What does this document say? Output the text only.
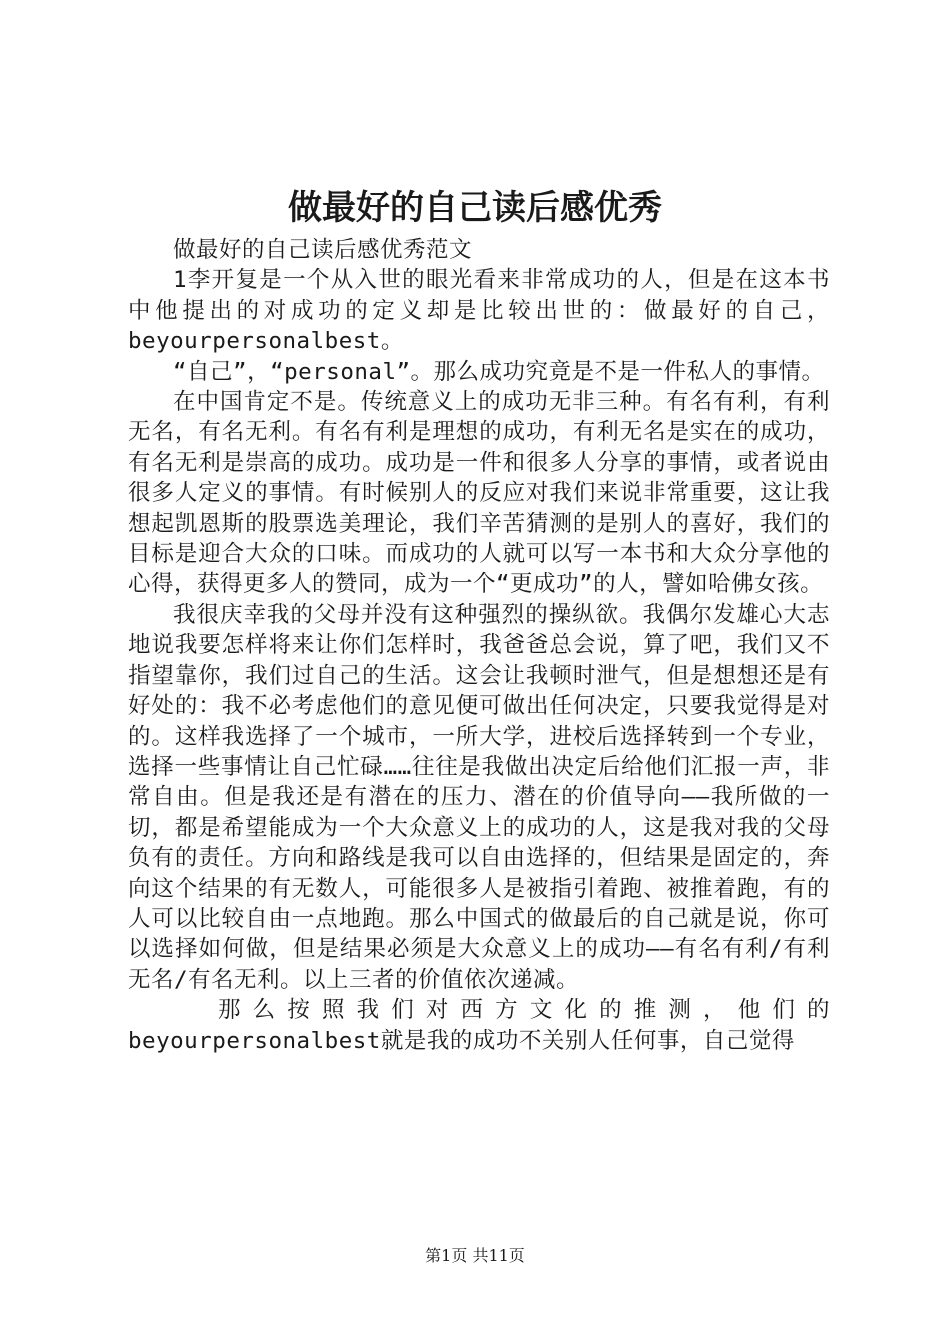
做最好的自己读后感优秀

做最好的自己读后感优秀范文

1李开复是一个从入世的眼光看来非常成功的人，但是在这本书中他提出的对成功的定义却是比较出世的：做最好的自己，beyourpersonalbest。

“自己”，“personal”。那么成功究竟是不是一件私人的事情。

在中国肯定不是。传统意义上的成功无非三种。有名有利，有利无名，有名无利。有名有利是理想的成功，有利无名是实在的成功，有名无利是崇高的成功。成功是一件和很多人分享的事情，或者说由很多人定义的事情。有时候别人的反应对我们来说非常重要，这让我想起凯恩斯的股票选美理论，我们辛苦猜测的是别人的喜好，我们的目标是迎合大众的口味。而成功的人就可以写一本书和大众分享他的心得，获得更多人的赞同，成为一个“更成功”的人，譬如哈佛女孩。

我很庆幸我的父母并没有这种强烈的操纵欲。我偶尔发雄心大志地说我要怎样将来让你们怎样时，我爸爸总会说，算了吧，我们又不指望靠你，我们过自己的生活。这会让我顿时泄气，但是想想还是有好处的：我不必考虑他们的意见便可做出任何决定，只要我觉得是对的。这样我选择了一个城市，一所大学，进校后选择转到一个专业，选择一些事情让自己忙碌……往往是我做出决定后给他们汇报一声，非常自由。但是我还是有潜在的压力、潜在的价值导向——我所做的一切，都是希望能成为一个大众意义上的成功的人，这是我对我的父母负有的责任。方向和路线是我可以自由选择的，但结果是固定的，奔向这个结果的有无数人，可能很多人是被指引着跑、被推着跑，有的人可以比较自由一点地跑。那么中国式的做最后的自己就是说，你可以选择如何做，但是结果必须是大众意义上的成功——有名有利/有利无名/有名无利。以上三者的价值依次递减。

那么按照我们对西方文化的推测，他们的beyourpersonalbest就是我的成功不关别人任何事，自己觉得

第1页 共11页
